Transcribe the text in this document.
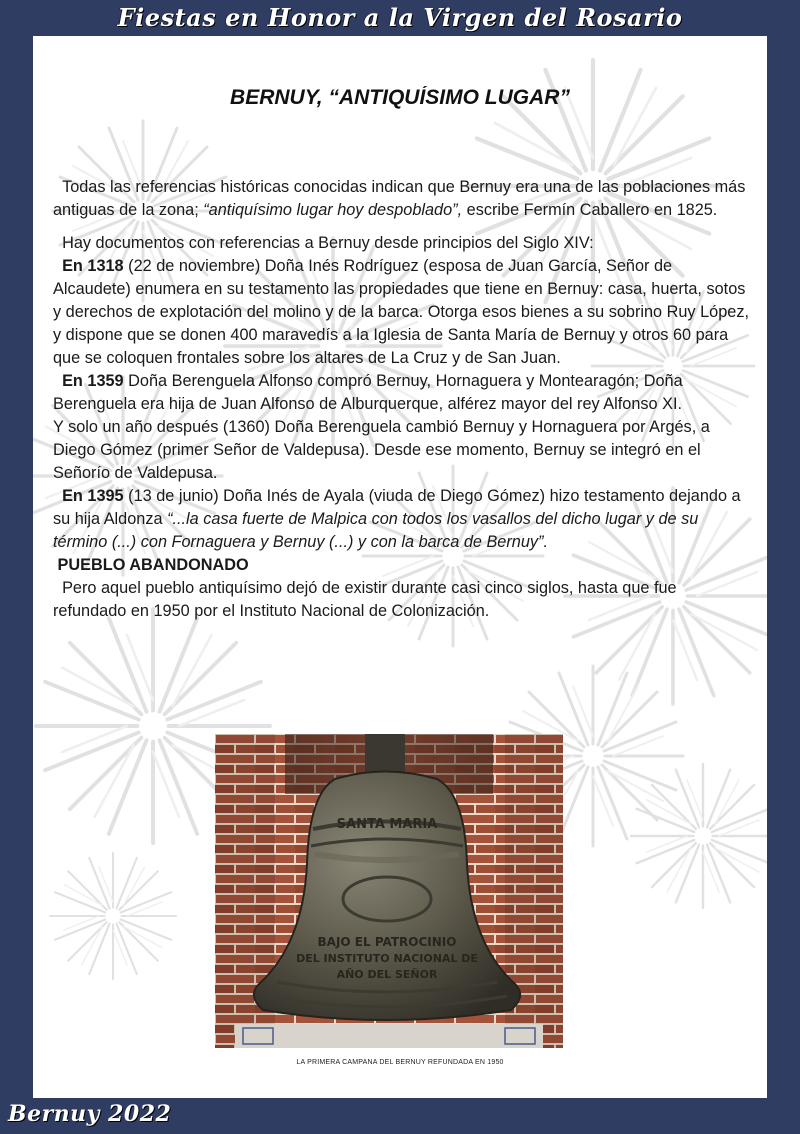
Fiestas en Honor a la Virgen del Rosario
BERNUY, “ANTIQUÍSIMO LUGAR”

Todas las referencias históricas conocidas indican que Bernuy era una de las poblaciones más antiguas de la zona; “antiquísimo lugar hoy despoblado”, escribe Fermín Caballero en 1825.

Hay documentos con referencias a Bernuy desde principios del Siglo XIV:

En 1318 (22 de noviembre) Doña Inés Rodríguez (esposa de Juan García, Señor de Alcaudete) enumera en su testamento las propiedades que tiene en Bernuy: casa, huerta, sotos y derechos de explotación del molino y de la barca. Otorga esos bienes a su sobrino Ruy López, y dispone que se donen 400 maravedís a la Iglesia de Santa María de Bernuy y otros 60 para que se coloquen frontales sobre los altares de La Cruz y de San Juan.

En 1359 Doña Berenguela Alfonso compró Bernuy, Hornaguera y Montearagón; Doña Berenguela era hija de Juan Alfonso de Alburquerque, alférez mayor del rey Alfonso XI.

Y solo un año después (1360) Doña Berenguela cambió Bernuy y Hornaguera por Argés, a Diego Gómez (primer Señor de Valdepusa). Desde ese momento, Bernuy se integró en el Señorío de Valdepusa.

En 1395 (13 de junio) Doña Inés de Ayala (viuda de Diego Gómez) hizo testamento dejando a su hija Aldonza “...la casa fuerte de Malpica con todos los vasallos del dicho lugar y de su término (...) con Fornaguera y Bernuy (...) y con la barca de Bernuy”.

PUEBLO ABANDONADO

Pero aquel pueblo antiquísimo dejó de existir durante casi cinco siglos, hasta que fue refundado en 1950 por el Instituto Nacional de Colonización.

SANTA MARIA
BAJO EL PATROCINIO
DEL INSTITUTO NACIONAL DE
AÑO DEL SEÑOR
LA PRIMERA CAMPANA DEL BERNUY REFUNDADA EN 1950
Bernuy 2022
